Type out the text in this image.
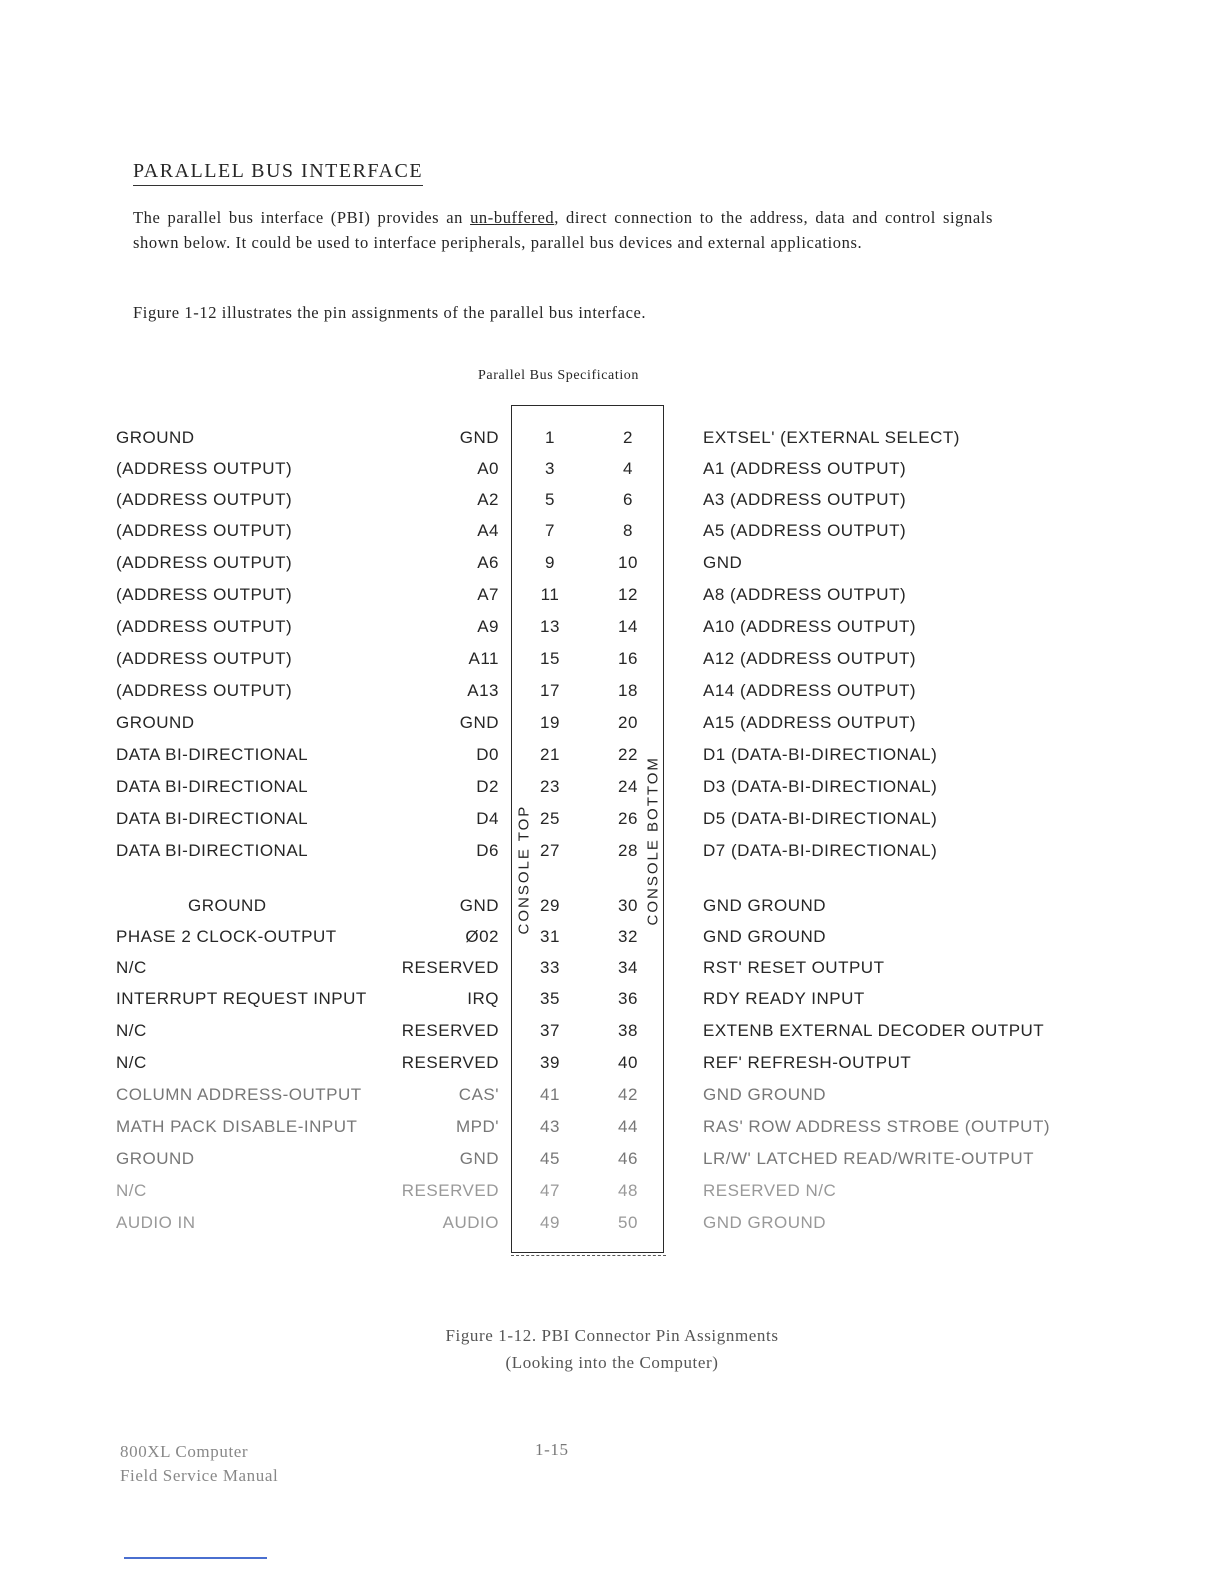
PARALLEL BUS INTERFACE
The parallel bus interface (PBI) provides an un-buffered, direct connection to the address, data and control signals shown below. It could be used to interface peripherals, parallel bus devices and external applications.
Figure 1-12 illustrates the pin assignments of the parallel bus interface.
Parallel Bus Specification
CONSOLE TOP	CONSOLE BOTTOM
GROUND	GND	1	2	EXTSEL' (EXTERNAL SELECT)
(ADDRESS OUTPUT)	A0	3	4	A1 (ADDRESS OUTPUT)
(ADDRESS OUTPUT)	A2	5	6	A3 (ADDRESS OUTPUT)
(ADDRESS OUTPUT)	A4	7	8	A5 (ADDRESS OUTPUT)
(ADDRESS OUTPUT)	A6	9	10	GND
(ADDRESS OUTPUT)	A7	11	12	A8 (ADDRESS OUTPUT)
(ADDRESS OUTPUT)	A9	13	14	A10 (ADDRESS OUTPUT)
(ADDRESS OUTPUT)	A11	15	16	A12 (ADDRESS OUTPUT)
(ADDRESS OUTPUT)	A13	17	18	A14 (ADDRESS OUTPUT)
GROUND	GND	19	20	A15 (ADDRESS OUTPUT)
DATA BI-DIRECTIONAL	D0	21	22	D1 (DATA-BI-DIRECTIONAL)
DATA BI-DIRECTIONAL	D2	23	24	D3 (DATA-BI-DIRECTIONAL)
DATA BI-DIRECTIONAL	D4	25	26	D5 (DATA-BI-DIRECTIONAL)
DATA BI-DIRECTIONAL	D6	27	28	D7 (DATA-BI-DIRECTIONAL)
GROUND	GND	29	30	GND GROUND
PHASE 2 CLOCK-OUTPUT	Ø02	31	32	GND GROUND
N/C	RESERVED	33	34	RST' RESET OUTPUT
INTERRUPT REQUEST INPUT	IRQ	35	36	RDY READY INPUT
N/C	RESERVED	37	38	EXTENB EXTERNAL DECODER OUTPUT
N/C	RESERVED	39	40	REF' REFRESH-OUTPUT
COLUMN ADDRESS-OUTPUT	CAS'	41	42	GND GROUND
MATH PACK DISABLE-INPUT	MPD'	43	44	RAS' ROW ADDRESS STROBE (OUTPUT)
GROUND	GND	45	46	LR/W' LATCHED READ/WRITE-OUTPUT
N/C	RESERVED	47	48	RESERVED N/C
AUDIO IN	AUDIO	49	50	GND GROUND
Figure 1-12. PBI Connector Pin Assignments
(Looking into the Computer)
800XL Computer
Field Service Manual
1-15
